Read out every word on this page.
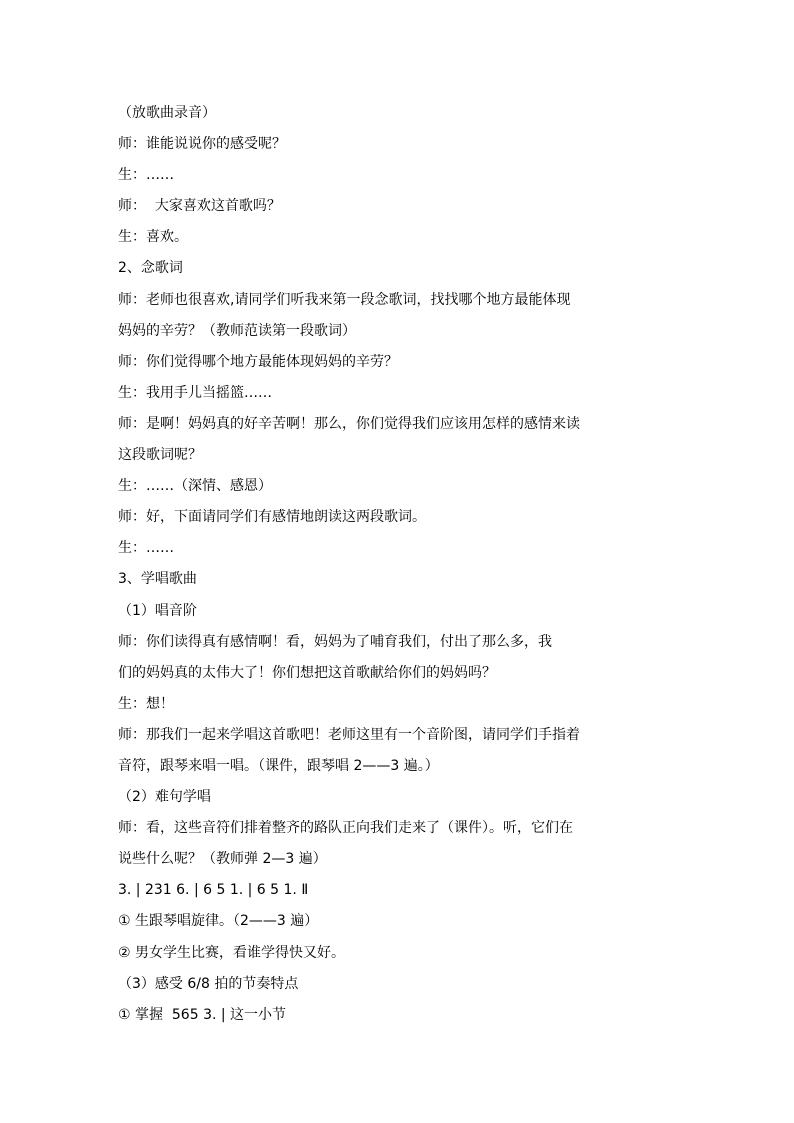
（放歌曲录音）
师：谁能说说你的感受呢？
生：……
师：  大家喜欢这首歌吗？
生：喜欢。
2、念歌词
师：老师也很喜欢,请同学们听我来第一段念歌词，找找哪个地方最能体现
妈妈的辛劳？（教师范读第一段歌词）
师：你们觉得哪个地方最能体现妈妈的辛劳？
生：我用手儿当摇篮……
师：是啊！妈妈真的好辛苦啊！那么，你们觉得我们应该用怎样的感情来读
这段歌词呢？
生：……（深情、感恩）
师：好，下面请同学们有感情地朗读这两段歌词。
生：……
3、学唱歌曲
（1）唱音阶
师：你们读得真有感情啊！看，妈妈为了哺育我们，付出了那么多，我
们的妈妈真的太伟大了！你们想把这首歌献给你们的妈妈吗？
生：想！
师：那我们一起来学唱这首歌吧！老师这里有一个音阶图，请同学们手指着
音符，跟琴来唱一唱。（课件，跟琴唱 2——3 遍。）
（2）难句学唱
师：看，这些音符们排着整齐的路队正向我们走来了（课件）。听，它们在
说些什么呢？（教师弹 2—3 遍）
3. | 231 6. | 6 5 1. | 6 5 1. Ⅱ
① 生跟琴唱旋律。（2——3 遍）
② 男女学生比赛，看谁学得快又好。
（3）感受 6/8 拍的节奏特点
① 掌握  565 3. | 这一小节
